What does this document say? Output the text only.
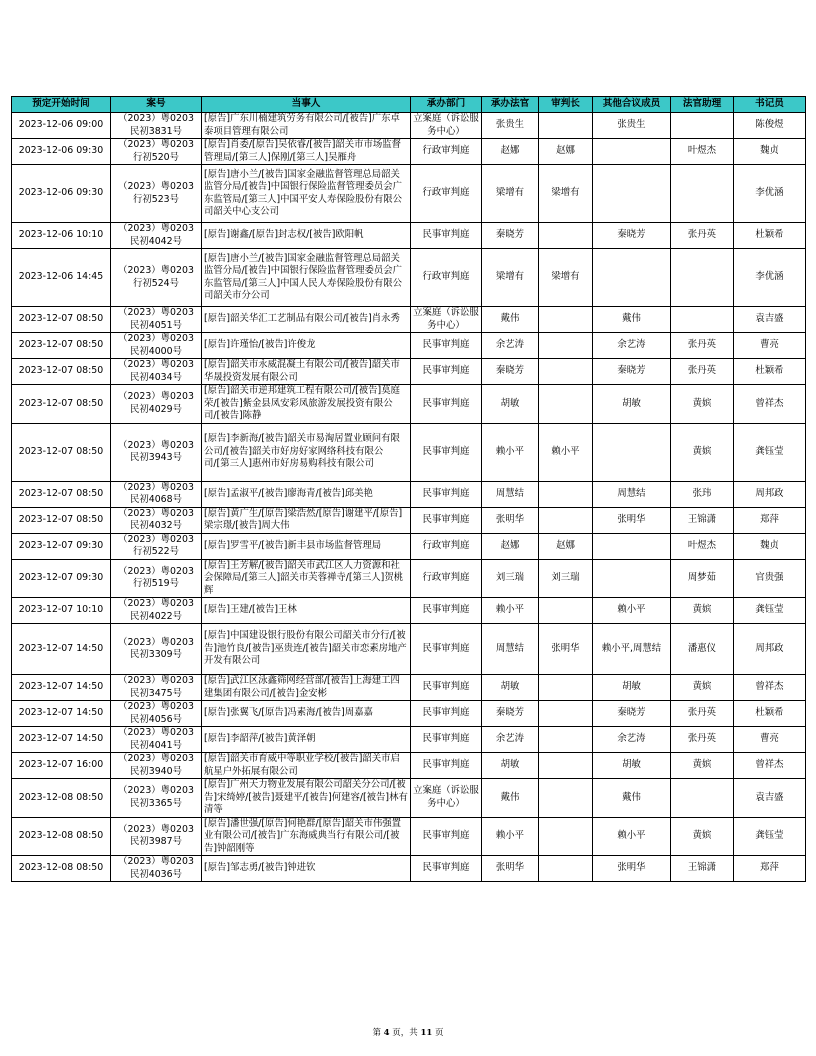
预定开始时间	案号	当事人	承办部门	承办法官	审判长	其他合议成员	法官助理	书记员
2023-12-06 09:00	（2023）粤0203 民初3831号	[原告]广东川楠建筑劳务有限公司/[被告]广东卓泰项目管理有限公司	立案庭（诉讼服务中心）	张贵生		张贵生		陈俊煜
2023-12-06 09:30	（2023）粤0203 行初520号	[原告]肖委/[原告]吴依睿/[被告]韶关市市场监督管理局/[第三人]保刚/[第三人]吴雁舟	行政审判庭	赵娜	赵娜		叶煜杰	魏贞
2023-12-06 09:30	（2023）粤0203 行初523号	[原告]唐小兰/[被告]国家金融监督管理总局韶关监管分局/[被告]中国银行保险监督管理委员会广东监管局/[第三人]中国平安人寿保险股份有限公司韶关中心支公司	行政审判庭	梁增有	梁增有			李优涵
2023-12-06 10:10	（2023）粤0203 民初4042号	[原告]谢鑫/[原告]封志权/[被告]欧阳帆	民事审判庭	秦晓芳		秦晓芳	张丹英	杜颖希
2023-12-06 14:45	（2023）粤0203 行初524号	[原告]唐小兰/[被告]国家金融监督管理总局韶关监管分局/[被告]中国银行保险监督管理委员会广东监管局/[第三人]中国人民人寿保险股份有限公司韶关市分公司	行政审判庭	梁增有	梁增有			李优涵
2023-12-07 08:50	（2023）粤0203 民初4051号	[原告]韶关华汇工艺制品有限公司/[被告]肖永秀	立案庭（诉讼服务中心）	戴伟		戴伟		袁吉盛
2023-12-07 08:50	（2023）粤0203 民初4000号	[原告]许瑾怡/[被告]许俊龙	民事审判庭	余艺涛		余艺涛	张丹英	曹亮
2023-12-07 08:50	（2023）粤0203 民初4034号	[原告]韶关市永威混凝土有限公司/[被告]韶关市华晟投资发展有限公司	民事审判庭	秦晓芳		秦晓芳	张丹英	杜颖希
2023-12-07 08:50	（2023）粤0203 民初4029号	[原告]韶关市逆邦建筑工程有限公司/[被告]莫庭荣/[被告]紫金县凤安彩凤旅游发展投资有限公司/[被告]陈静	民事审判庭	胡敏		胡敏	黄嫔	曾祥杰
2023-12-07 08:50	（2023）粤0203 民初3943号	[原告]李新海/[被告]韶关市易淘居置业顾问有限公司/[被告]韶关市好房好家网络科技有限公司/[第三人]惠州市好房易购科技有限公司	民事审判庭	赖小平	赖小平		黄嫔	龚钰莹
2023-12-07 08:50	（2023）粤0203 民初4068号	[原告]孟淑平/[被告]廖海青/[被告]邱美艳	民事审判庭	周慧结		周慧结	张玮	周邦政
2023-12-07 08:50	（2023）粤0203 民初4032号	[原告]黄广生/[原告]梁浩然/[原告]谢建平/[原告]梁宗璟/[被告]周大伟	民事审判庭	张明华		张明华	王锦潇	郑萍
2023-12-07 09:30	（2023）粤0203 行初522号	[原告]罗雪平/[被告]新丰县市场监督管理局	行政审判庭	赵娜	赵娜		叶煜杰	魏贞
2023-12-07 09:30	（2023）粤0203 行初519号	[原告]王芳解/[被告]韶关市武江区人力资源和社会保障局/[第三人]韶关市芙蓉禅寺/[第三人]贺桃辉	行政审判庭	刘三瑞	刘三瑞		周梦茹	官贵强
2023-12-07 10:10	（2023）粤0203 民初4022号	[原告]王建/[被告]王林	民事审判庭	赖小平		赖小平	黄嫔	龚钰莹
2023-12-07 14:50	（2023）粤0203 民初3309号	[原告]中国建设银行股份有限公司韶关市分行/[被告]池竹良/[被告]巫贵连/[被告]韶关市恋素房地产开发有限公司	民事审判庭	周慧结	张明华	赖小平,周慧结	潘惠仪	周邦政
2023-12-07 14:50	（2023）粤0203 民初3475号	[原告]武江区泳鑫筛网经营部/[被告]上海建工四建集团有限公司/[被告]金安彬	民事审判庭	胡敏		胡敏	黄嫔	曾祥杰
2023-12-07 14:50	（2023）粤0203 民初4056号	[原告]张翼飞/[原告]冯素海/[被告]周嘉嘉	民事审判庭	秦晓芳		秦晓芳	张丹英	杜颖希
2023-12-07 14:50	（2023）粤0203 民初4041号	[原告]李韶萍/[被告]黄泽朝	民事审判庭	余艺涛		余艺涛	张丹英	曹亮
2023-12-07 16:00	（2023）粤0203 民初3940号	[原告]韶关市育威中等职业学校/[被告]韶关市启航星户外拓展有限公司	民事审判庭	胡敏		胡敏	黄嫔	曾祥杰
2023-12-08 08:50	（2023）粤0203 民初3365号	[原告]广州天力物业发展有限公司韶关分公司/[被告]宋绮婷/[被告]聂建平/[被告]何建容/[被告]林有清等	立案庭（诉讼服务中心）	戴伟		戴伟		袁吉盛
2023-12-08 08:50	（2023）粤0203 民初3987号	[原告]潘世强/[原告]何艳群/[原告]韶关市伟强置业有限公司/[被告]广东海威典当行有限公司/[被告]钟韶刚等	民事审判庭	赖小平		赖小平	黄嫔	龚钰莹
2023-12-08 08:50	（2023）粤0203 民初4036号	[原告]邹志勇/[被告]钟进钦	民事审判庭	张明华		张明华	王锦潇	郑萍
第 4 页，共 11 页
